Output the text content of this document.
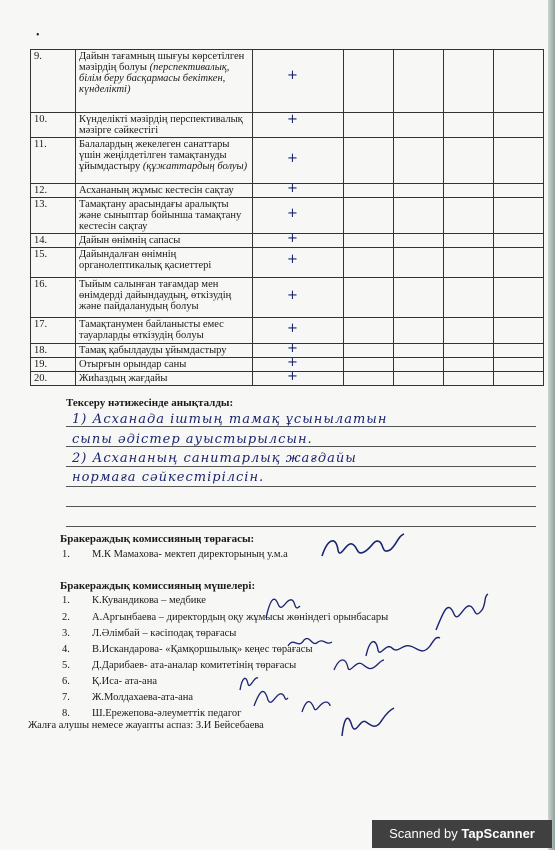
•
9.	Дайын тағамның шығуы көрсетілген мәзірдің болуы (перспективалық, білім беру басқармасы бекіткен, күнделікті)	+				

10.	Күнделікті мәзірдің перспективалық мәзірге сәйкестігі	+				

11.	Балалардың жекелеген санаттары үшін жеңілдетілген тамақтануды ұйымдастыру (құжаттардың болуы)	+				

12.	Асхананың жұмыс кестесін сақтау	+				

13.	Тамақтану арасындағы аралықты және сыныптар бойынша тамақтану кестесін сақтау	+				

14.	Дайын өнімнің сапасы	+				

15.	Дайындалған өнімнің органолептикалық қасиеттері	+				

16.	Тыйым салынған тағамдар мен өнімдерді дайындаудың, өткізудің және пайдаланудың болуы	+				

17.	Тамақтанумен байланысты емес тауарларды өткізудің болуы	+				

18.	Тамақ қабылдауды ұйымдастыру	+				

19.	Отырғын орындар саны	+				

20.	Жиһаздың жағдайы	+				

Тексеру нәтижесінде анықталды:
1) Асханада іштың тамақ ұсынылатын
сыпы әдістер ауыстырылсын.
2) Асхананың санитарлық жағдайы
нормаға сәйкестірілсін.
Бракераждық комиссияның төрағасы:
1. М.К Мамахова- мектеп директорының у.м.а
Бракераждық комиссияның мүшелері:
1. К.Кувандикова – медбике
2. А.Аргынбаева – директордың оқу жұмысы жөніндегі орынбасары
3. Л.Әлімбай – кәсіподақ төрағасы
4. В.Искандарова- «Қамқоршылық» кеңес төрағасы
5. Д.Дарибаев- ата-аналар комитетінің төрағасы
6. Қ.Иса- ата-ана
7. Ж.Молдахаева-ата-ана
8. Ш.Ережепова-әлеуметтік педагог
Жалға алушы немесе жауапты аспаз: З.И Бейсебаева
Scanned by TapScanner
